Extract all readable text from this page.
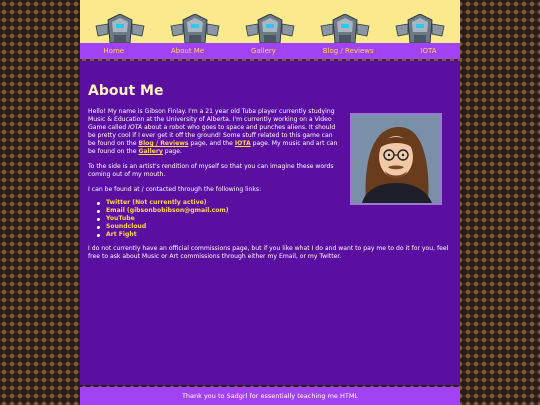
Home	About Me	Gallery	Blog / Reviews	IOTA
About Me

Hello! My name is Gibson Finlay. I'm a 21 year old Tuba player currently studying Music & Education at the University of Alberta. I'm currently working on a Video Game called IOTA about a robot who goes to space and punches aliens. It should be pretty cool if I ever get it off the ground! Some stuff related to this game can be found on the Blog / Reviews page, and the IOTA page. My music and art can be found on the Gallery page.

To the side is an artist's rendition of myself so that you can imagine these words coming out of my mouth.

I can be found at / contacted through the following links:

Twitter (Not currently active)
Email (gibsonbobibson@gmail.com)
YouTube
Soundcloud
Art Fight

I do not currently have an official commissions page, but if you like what I do and want to pay me to do it for you, feel free to ask about Music or Art commissions through either my Email, or my Twitter.

Thank you to Sadgrl for essentially teaching me HTML
